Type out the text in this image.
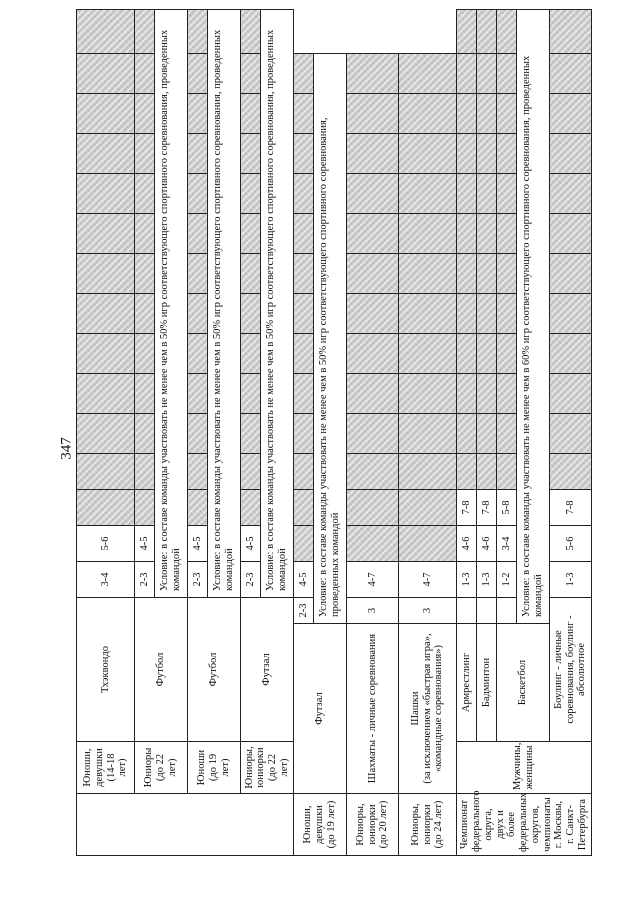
347
	Юноши, девушки (14-18 лет)	Тхэквондо		3-4	5-6													
	Юниоры (до 22 лет)	Футбол		2-3	4-5													
				Условие: в составе команды участвовать не менее чем в 50% игр соответствующего спортивного соревнования, проведенных командой														
	Юноши (до 19 лет)	Футбол		2-3	4-5													
				Условие: в составе команды участвовать не менее чем в 50% игр соответствующего спортивного соревнования, проведенных командой														
	Юниоры, юниорки (до 22 лет)	Футзал		2-3	4-5													
				Условие: в составе команды участвовать не менее чем в 50% игр соответствующего спортивного соревнования, проведенных командой														
Юноши, девушки (до 19 лет)	Футзал		2-3	4-5														
			Условие: в составе команды участвовать не менее чем в 50% игр соответствующего спортивного соревнования, проведенных командой															
Юниоры, юниорки (до 20 лет)	Шахматы - личные соревнования		3	4-7														
Юниоры, юниорки (до 24 лет)	Шашки (за исключением «быстрая игра», «командные соревнования»)		3	4-7														
Чемпионат федерального округа, двух и более федеральных округов, чемпионаты г. Москвы, г. Санкт-Петербурга	Мужчины, женщины	Армрестлинг		1-3	4-6	7-8												
		Бадминтон		1-3	4-6	7-8												
		Баскетбол		1-2	3-4	5-8												
			Условие: в составе команды участвовать не менее чем в 60% игр соответствующего спортивного соревнования, проведенных командой															
		Боулинг - личные соревнования, боулинг - абсолютное		1-3	5-6	7-8												
